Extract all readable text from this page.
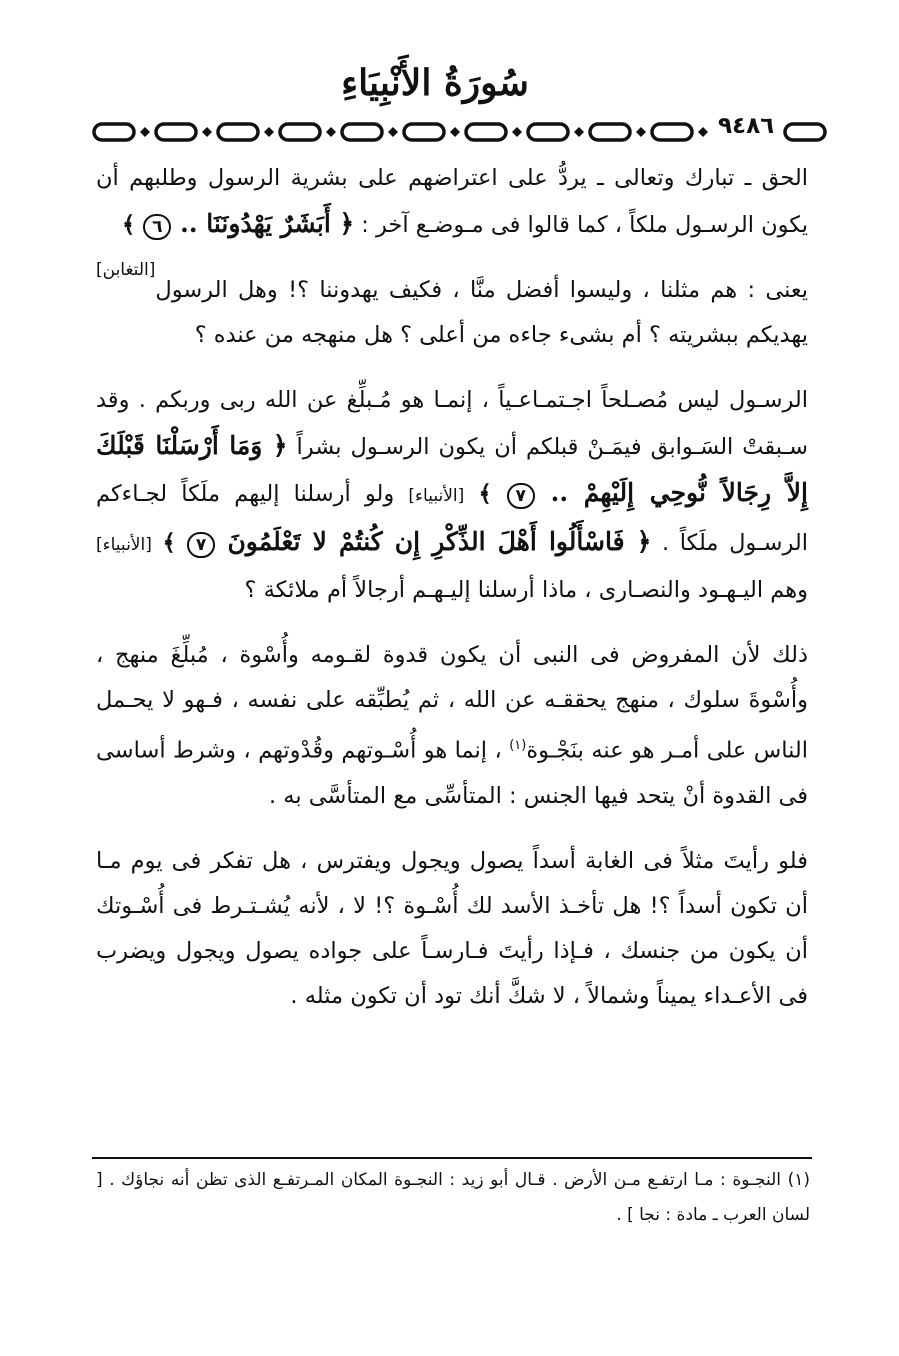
سُورَةُ الأَنْبِيَاءِ
٩٤٨٦

الحق ـ تبارك وتعالى ـ يردُّ على اعتراضهم على بشرية الرسول وطلبهم أن يكون الرسـول ملكاً ، كما قالوا فى مـوضـع آخر : ﴿ أَبَشَرٌ يَهْدُونَنَا .. ٦ ﴾
[التغابن]

يعنى : هم مثلنا ، وليسوا أفضل منَّا ، فكيف يهدوننا ؟! وهل الرسول يهديكم ببشريته ؟ أم بشىء جاءه من أعلى ؟ هل منهجه من عنده ؟

الرسـول ليس مُصـلحاً اجـتمـاعـياً ، إنمـا هو مُـبلِّغ عن الله ربى وربكم . وقد سـبقتْ السَـوابق فيمَـنْ قبلكم أن يكون الرسـول بشراً ﴿ وَمَا أَرْسَلْنَا قَبْلَكَ إِلاَّ رِجَالاً نُّوحِي إِلَيْهِمْ .. ٧ ﴾ [الأنبياء] ولو أرسلنا إليهم ملَكاً لجـاءكم الرسـول ملَكاً . ﴿ فَاسْأَلُوا أَهْلَ الذِّكْرِ إِن كُنتُمْ لا تَعْلَمُونَ ٧ ﴾ [الأنبياء] وهم اليـهـود والنصـارى ، ماذا أرسلنا إليـهـم أرجالاً أم ملائكة ؟

ذلك لأن المفروض فى النبى أن يكون قدوة لقـومه وأُسْوة ، مُبلِّغَ منهج ، وأُسْوةَ سلوك ، منهج يحققـه عن الله ، ثم يُطبِّقه على نفسه ، فـهو لا يحـمل الناس على أمـر هو عنه بنَجْـوة$^{(١)}$ ، إنما هو أُسْـوتهم وقُدْوتهم ، وشرط أساسى فى القدوة أنْ يتحد فيها الجنس : المتأسِّى مع المتأسَّى به .

فلو رأيتَ مثلاً فى الغابة أسداً يصول ويجول ويفترس ، هل تفكر فى يوم مـا أن تكون أسداً ؟! هل تأخـذ الأسد لك أُسْـوة ؟! لا ، لأنه يُشـتـرط فى أُسْـوتك أن يكون من جنسك ، فـإذا رأيتَ فـارسـاً على جواده يصول ويجول ويضرب فى الأعـداء يميناً وشمالاً ، لا شكَّ أنك تود أن تكون مثله .

(١) النجـوة : مـا ارتفـع مـن الأرض . قـال أبو زيد : النجـوة المكان المـرتفـع الذى تظن أنه نجاؤك . [ لسان العرب ـ مادة : نجا ] .
